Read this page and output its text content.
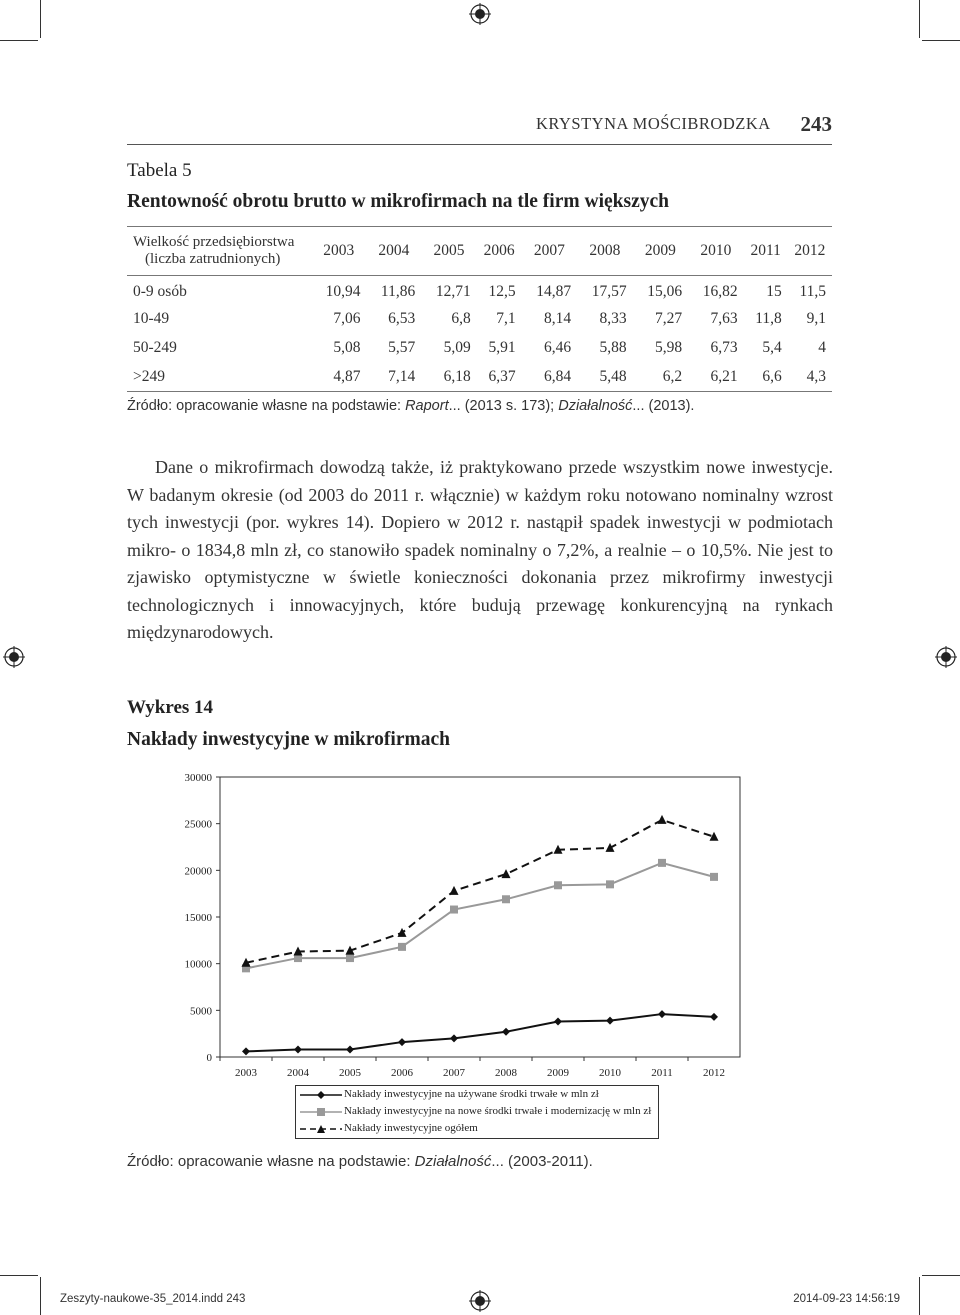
KRYSTYNA MOŚCIBRODZKA 243
Tabela 5
Rentowność obrotu brutto w mikrofirmach na tle firm większych
Wielkość przedsiębiorstwa
(liczba zatrudnionych)	2003	2004	2005	2006	2007	2008	2009	2010	2011	2012
0-9 osób	10,94	11,86	12,71	12,5	14,87	17,57	15,06	16,82	15	11,5
10-49	7,06	6,53	6,8	7,1	8,14	8,33	7,27	7,63	11,8	9,1
50-249	5,08	5,57	5,09	5,91	6,46	5,88	5,98	6,73	5,4	4
>249	4,87	7,14	6,18	6,37	6,84	5,48	6,2	6,21	6,6	4,3
Źródło: opracowanie własne na podstawie: Raport... (2013 s. 173); Działalność... (2013).
Dane o mikrofirmach dowodzą także, iż praktykowano przede wszystkim nowe inwestycje. W badanym okresie (od 2003 do 2011 r. włącznie) w każdym roku notowano nominalny wzrost tych inwestycji (por. wykres 14). Dopiero w 2012 r. nastąpił spadek inwestycji w podmiotach mikro- o 1834,8 mln zł, co stanowiło spadek nominalny o 7,2%, a realnie – o 10,5%. Nie jest to zjawisko optymistyczne w świetle konieczności dokonania przez mikrofirmy inwestycji technologicznych i innowacyjnych, które budują przewagę konkurencyjną na rynkach międzynarodowych.
Wykres 14
Nakłady inwestycyjne w mikrofirmach
0
5000
10000
15000
20000
25000
30000
2003	2004	2005	2006	2007	2008	2009	2010	2011	2012
Nakłady inwestycyjne na używane środki trwałe w mln zł
Nakłady inwestycyjne na nowe środki trwałe i modernizację w mln zł
Nakłady inwestycyjne ogółem
Źródło: opracowanie własne na podstawie: Działalność... (2003-2011).
Zeszyty-naukowe-35_2014.indd 243	2014-09-23 14:56:19
